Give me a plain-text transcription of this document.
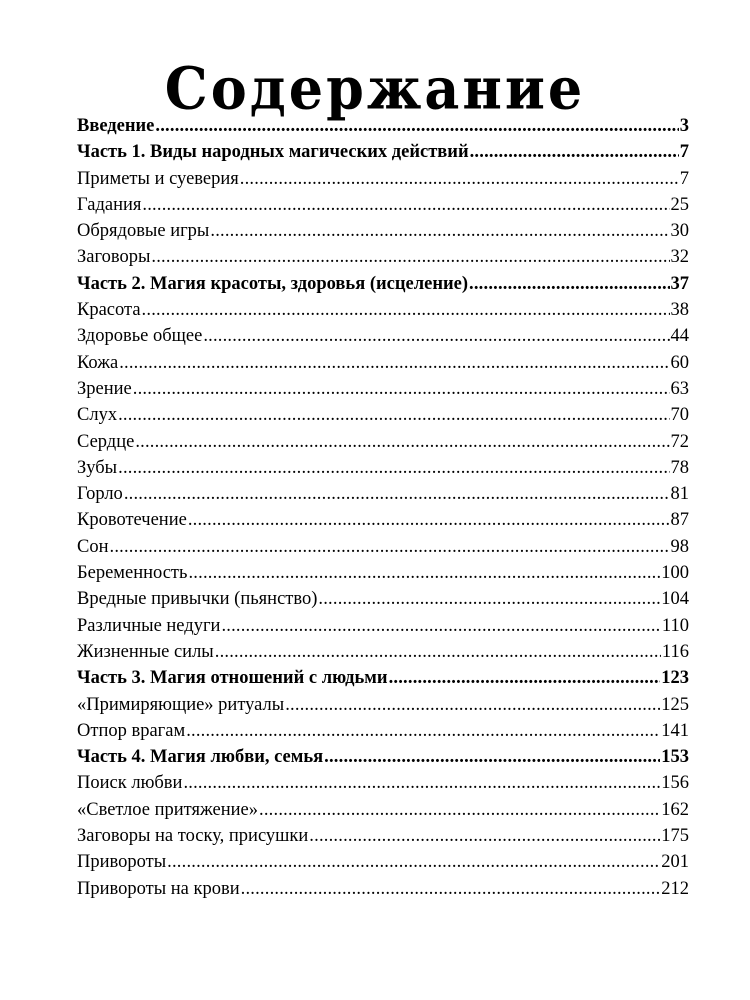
Содержание
Введение .....	3
Часть 1. Виды народных магических действий .....	7
Приметы и суеверия .....	7
Гадания .....	25
Обрядовые игры .....	30
Заговоры .....	32
Часть 2. Магия красоты, здоровья (исцеление) .....	37
Красота .....	38
Здоровье общее .....	44
Кожа .....	60
Зрение .....	63
Слух .....	70
Сердце .....	72
Зубы .....	78
Горло .....	81
Кровотечение .....	87
Сон .....	98
Беременность .....	100
Вредные привычки (пьянство) .....	104
Различные недуги .....	110
Жизненные силы .....	116
Часть 3. Магия отношений с людьми .....	123
«Примиряющие» ритуалы .....	125
Отпор врагам .....	141
Часть 4. Магия любви, семья .....	153
Поиск любви .....	156
«Светлое притяжение» .....	162
Заговоры на тоску, присушки .....	175
Привороты .....	201
Привороты на крови .....	212
